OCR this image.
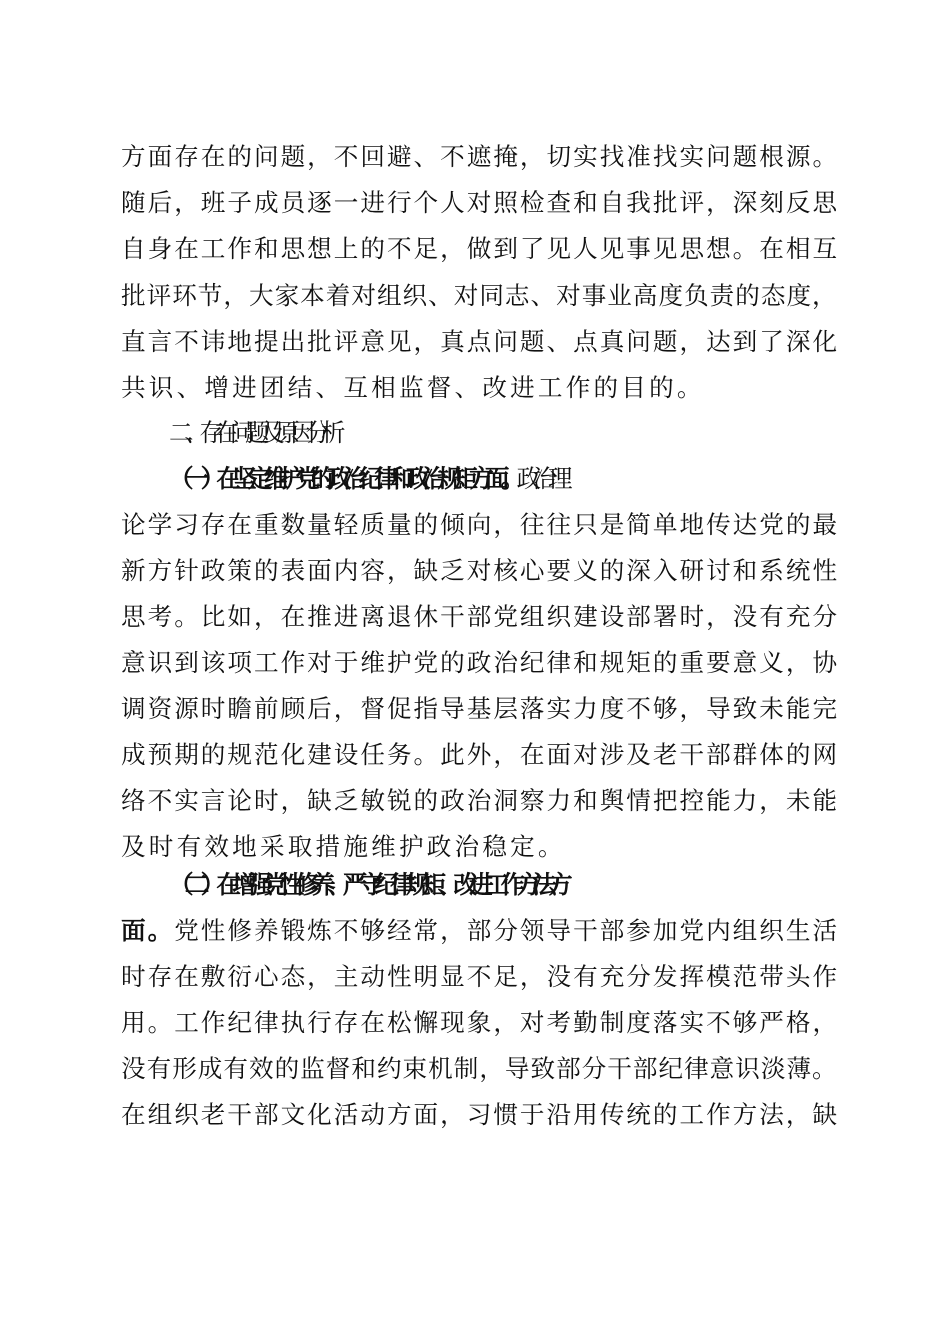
方面存在的问题，不回避、不遮掩，切实找准找实问题根源。
随后，班子成员逐一进行个人对照检查和自我批评，深刻反思
自身在工作和思想上的不足，做到了见人见事见思想。在相互
批评环节，大家本着对组织、对同志、对事业高度负责的态度，
直言不讳地提出批评意见，真点问题、点真问题，达到了深化
共识、增进团结、互相监督、改进工作的目的。
二、存在问题及原因分析
（一）在坚定维护党的政治纪律和政治规矩方面。政治理
论学习存在重数量轻质量的倾向，往往只是简单地传达党的最
新方针政策的表面内容，缺乏对核心要义的深入研讨和系统性
思考。比如，在推进离退休干部党组织建设部署时，没有充分
意识到该项工作对于维护党的政治纪律和规矩的重要意义，协
调资源时瞻前顾后，督促指导基层落实力度不够，导致未能完
成预期的规范化建设任务。此外，在面对涉及老干部群体的网
络不实言论时，缺乏敏锐的政治洞察力和舆情把控能力，未能
及时有效地采取措施维护政治稳定。
（二）在增强党性修养、严守纪律规矩、改进工作方法方
面。党性修养锻炼不够经常，部分领导干部参加党内组织生活
时存在敷衍心态，主动性明显不足，没有充分发挥模范带头作
用。工作纪律执行存在松懈现象，对考勤制度落实不够严格，
没有形成有效的监督和约束机制，导致部分干部纪律意识淡薄。
在组织老干部文化活动方面，习惯于沿用传统的工作方法，缺
